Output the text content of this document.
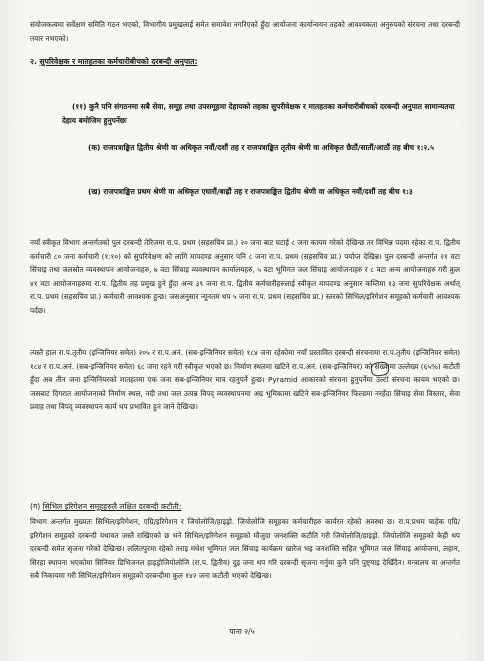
संयोजकत्वमा सर्वेक्षण समिति गठन भएको, विभागीय प्रमुखलाई समेत समावेश नगरिएको हुँदा आयोजना कार्यान्वयन तहको आवश्यकता अनुरुपको संरचना तथा दरबन्दी तयार नभएको।
२. सुपरिवेक्षक र मातहतका कर्मचारीबीचको दरबन्दी अनुपात:
(११) कुनै पनि संगठनमा सबै सेवा, समूह तथा उपसमूहमा देहायको तहका सुपरीवेक्षक र मातहतका कर्मचारीबीचको दरबन्दी अनुपात सामान्यतया देहाय बमोजिम हुनुपर्नेछः
(क) राजपत्राङ्कित द्वितीय श्रेणी वा अधिकृत नवौं/दशौं तह र राजपत्राङ्कित तृतीय श्रेणी वा अधिकृत छैठौं/सातौं/आठौं तह बीच १:२.५
(ख) राजपत्राङ्कित प्रथम श्रेणी वा अधिकृत एघारौं/बाह्रौं तह र राजपत्राङ्कित द्वितीय श्रेणी वा अधिकृत नवौं/दशौं तह बीच १:३
नयाँ स्वीकृत विभाग अन्तर्गतको पुल दरबन्दी तेरिजमा रा.प. प्रथम (सहसचिव प्रा.) २० जना बाट घटाई ८ जना कायम गरेको देखिन्छ तर विभिन्न पदमा रहेका रा.प. द्वितीय कर्मचारी ८० जना कर्मचारी (१:१०) को सुपरिवेक्षण को लागि मापदण्ड अनुसार पनि ८ जना रा.प. प्रथम (सहसचिव प्रा.) पर्याप्त देखिन्न। पुल दरबन्दी अन्तर्गत २१ वटा सिंचाइ तथा जलस्रोत व्यवस्थापन आयोजनाहरु, ७ वटा सिंचाइ व्यवस्थापन कार्यालयहरु, ५ वटा भूमिगत जल सिंचाइ आयोजनाहरु र ८ वटा अन्य आयोजनाहरु गरी कुल ४१ वटा आयोजनाहरुमा रा.प. द्वितीय तह प्रमुख हुने हुँदा अन्य ३९ जना रा.प. द्वितीय कर्मचारीहरुलाई स्वीकृत मापदण्ड अनुसार कम्तिमा १३ जना सुपरिवेक्षक अर्थात् रा.प. प्रथम (सहसचिव प्रा.) कर्मचारी आवश्यक हुन्छ। जसअनुसार न्यूनतम थप ५ जना रा.प. प्रथम (सहसचिव प्रा.) स्तरको सिभिल/इरिगेशन समूहको कर्मचारी आवश्यक पर्दछ।
त्यस्तै हाल रा.प.तृतीय (इन्जिनियर समेत) २०५ र रा.प.अनं. (सब-इन्जिनियर समेत) १८४ जना रहेकोमा नयाँ प्रस्तावित दरबन्दी संरचनामा रा.प.तृतीय (इन्जिनियर समेत) १८४ र रा.प.अनं. (सब-इन्जिनियर समेत) ६८ जना रहने गरी स्वीकृत भएको छ। निर्माण स्थलमा खटिने रा.प.अनं. (सब-इन्जिनियर) को संख्यामा उल्लेख्य (६५%) कटौती हुँदा अब तीन जना इन्जिनियरको मातहतमा एक जना सब-इन्जिनियर मात्र रहनुपर्ने हुन्छ। Pyramid आकारको संरचना हुनुपर्नेमा उल्टो संरचना कायम भएको छ। जसबाट दिगरात आयोजनाको निर्माण स्थल, नदी तथा जल उत्पन्न विपद् व्यवस्थापनमा अग्र भूमिकामा खटिने सब-इन्जिनियर फिल्डमा नरहँदा सिंचाइ सेवा विस्तार, सेवा प्रवाह तथा विपद् व्यवस्थापन कार्य थप प्रभावित हुन जाने देखिन्छ।
(ग) सिभिल इरिगेशन समूहहरुलै लक्षित दरबन्दी कटौती:
विभाग अन्तर्गत मुख्यतः सिभिल/इरिगेशन, एग्रि/इरिगेशन र जियोलोजि/हाइड्रो. जियोलोजि समूहका कर्मचारीहरु कार्यरत रहेको अवस्था छ। रा.प.प्रथम चाहेक एग्रि/इरिगेशन समूहको दरबन्दी यथावत जस्तै राखिएको छ भने सिभिल/इरिगेशन समूहको मौजुदा जनशक्ति कटौति गरी जियोलोजि/हाइड्रो. जियोलोजि समूहको केही थप दरबन्दी समेत सृजना गरेको देखिन्छ। ललितपुरमा रहेको तराइ मधेश भूमिगत जल सिंचाइ कार्यक्रम खारेज भइ जनशक्ति सहित भूमिगत जल सिंचाइ आयोजना, लहान, सिरहा स्थापना भएकोमा सिनियर डिभिजनल हाइड्रोजियोलोजि (रा.प. द्वितीय) दुइ जना थप गरि दरबन्दी सृजना गर्नुमा कुनै पनि पुष्ट्याइ देखिँदैन। मन्त्रालय वा अन्तर्गत सबै निकायमा गरी सिभिल/इरिगेशन समूहको दरबन्दीमा कुल १४२ जना कटौती भएको देखिन्छ।
पाना २/५
